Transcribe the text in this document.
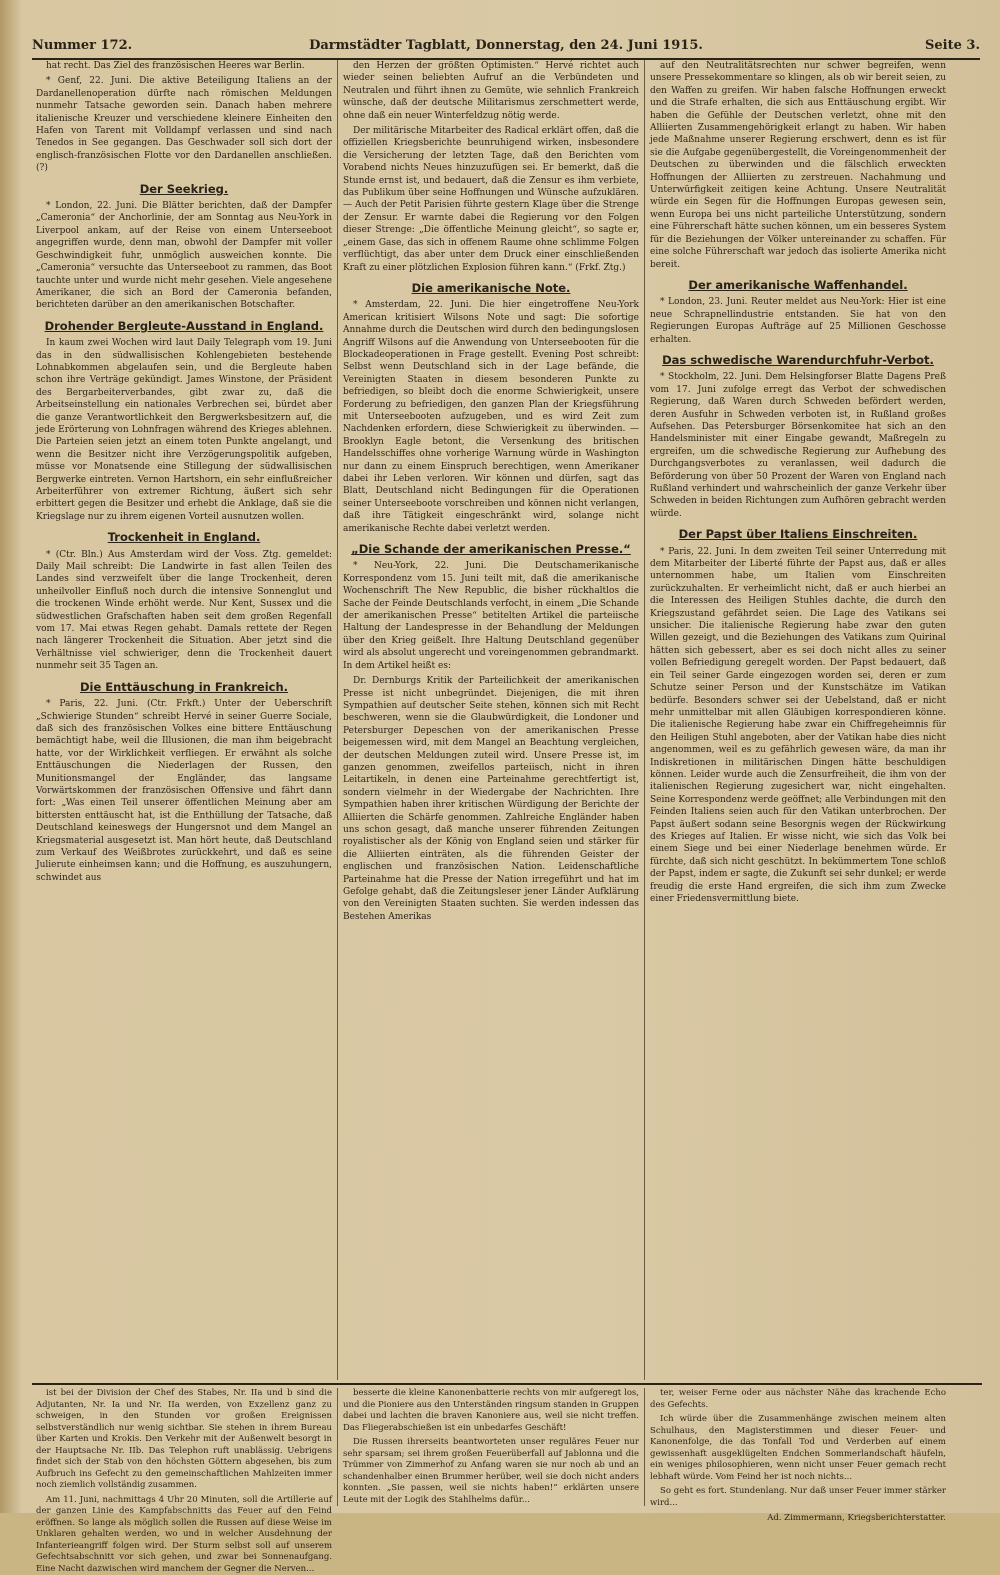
Nummer 172.	Darmstädter Tagblatt, Donnerstag, den 24. Juni 1915.	Seite 3.

hat recht. Das Ziel des französischen Heeres war Berlin.

* Genf, 22. Juni. Die aktive Beteiligung Italiens an der Dardanellenoperation dürfte nach römischen Meldungen nunmehr Tatsache geworden sein. Danach haben mehrere italienische Kreuzer und verschiedene kleinere Einheiten den Hafen von Tarent mit Volldampf verlassen und sind nach Tenedos in See gegangen. Das Geschwader soll sich dort der englisch-französischen Flotte vor den Dardanellen anschließen. (?)

Der Seekrieg.

* London, 22. Juni. Die Blätter berichten, daß der Dampfer „Cameronia“ der Anchorlinie, der am Sonntag aus Neu-York in Liverpool ankam, auf der Reise von einem Unterseeboot angegriffen wurde, denn man, obwohl der Dampfer mit voller Geschwindigkeit fuhr, unmöglich ausweichen konnte. Die „Cameronia“ versuchte das Unterseeboot zu rammen, das Boot tauchte unter und wurde nicht mehr gesehen. Viele angesehene Amerikaner, die sich an Bord der Cameronia befanden, berichteten darüber an den amerikanischen Botschafter.

Drohender Bergleute-Ausstand in England.

In kaum zwei Wochen wird laut Daily Telegraph vom 19. Juni das in den südwallisischen Kohlengebieten bestehende Lohnabkommen abgelaufen sein, und die Bergleute haben schon ihre Verträge gekündigt. James Winstone, der Präsident des Bergarbeiterverbandes, gibt zwar zu, daß die Arbeitseinstellung ein nationales Verbrechen sei, bürdet aber die ganze Verantwortlichkeit den Bergwerksbesitzern auf, die jede Erörterung von Lohnfragen während des Krieges ablehnen. Die Parteien seien jetzt an einem toten Punkte angelangt, und wenn die Besitzer nicht ihre Verzögerungspolitik aufgeben, müsse vor Monatsende eine Stillegung der südwallisischen Bergwerke eintreten. Vernon Hartshorn, ein sehr einflußreicher Arbeiterführer von extremer Richtung, äußert sich sehr erbittert gegen die Besitzer und erhebt die Anklage, daß sie die Kriegslage nur zu ihrem eigenen Vorteil ausnutzen wollen.

Trockenheit in England.

* (Ctr. Bln.) Aus Amsterdam wird der Voss. Ztg. gemeldet: Daily Mail schreibt: Die Landwirte in fast allen Teilen des Landes sind verzweifelt über die lange Trockenheit, deren unheilvoller Einfluß noch durch die intensive Sonnenglut und die trockenen Winde erhöht werde. Nur Kent, Sussex und die südwestlichen Grafschaften haben seit dem großen Regenfall vom 17. Mai etwas Regen gehabt. Damals rettete der Regen nach längerer Trockenheit die Situation. Aber jetzt sind die Verhältnisse viel schwieriger, denn die Trockenheit dauert nunmehr seit 35 Tagen an.

Die Enttäuschung in Frankreich.

* Paris, 22. Juni. (Ctr. Frkft.) Unter der Ueberschrift „Schwierige Stunden“ schreibt Hervé in seiner Guerre Sociale, daß sich des französischen Volkes eine bittere Enttäuschung bemächtigt habe, weil die Illusionen, die man ihm beigebracht hatte, vor der Wirklichkeit verfliegen. Er erwähnt als solche Enttäuschungen die Niederlagen der Russen, den Munitionsmangel der Engländer, das langsame Vorwärtskommen der französischen Offensive und fährt dann fort: „Was einen Teil unserer öffentlichen Meinung aber am bittersten enttäuscht hat, ist die Enthüllung der Tatsache, daß Deutschland keineswegs der Hungersnot und dem Mangel an Kriegsmaterial ausgesetzt ist. Man hört heute, daß Deutschland zum Verkauf des Weißbrotes zurückkehrt, und daß es seine Julierute einheimsen kann; und die Hoffnung, es auszuhungern, schwindet aus

den Herzen der größten Optimisten.“ Hervé richtet auch wieder seinen beliebten Aufruf an die Verbündeten und Neutralen und führt ihnen zu Gemüte, wie sehnlich Frankreich wünsche, daß der deutsche Militarismus zerschmettert werde, ohne daß ein neuer Winterfeldzug nötig werde.

Der militärische Mitarbeiter des Radical erklärt offen, daß die offiziellen Kriegsberichte beunruhigend wirken, insbesondere die Versicherung der letzten Tage, daß den Berichten vom Vorabend nichts Neues hinzuzufügen sei. Er bemerkt, daß die Stunde ernst ist, und bedauert, daß die Zensur es ihm verbiete, das Publikum über seine Hoffnungen und Wünsche aufzuklären. — Auch der Petit Parisien führte gestern Klage über die Strenge der Zensur. Er warnte dabei die Regierung vor den Folgen dieser Strenge: „Die öffentliche Meinung gleicht“, so sagte er, „einem Gase, das sich in offenem Raume ohne schlimme Folgen verflüchtigt, das aber unter dem Druck einer einschließenden Kraft zu einer plötzlichen Explosion führen kann.“ (Frkf. Ztg.)

Die amerikanische Note.

* Amsterdam, 22. Juni. Die hier eingetroffene Neu-York American kritisiert Wilsons Note und sagt: Die sofortige Annahme durch die Deutschen wird durch den bedingungslosen Angriff Wilsons auf die Anwendung von Unterseebooten für die Blockadeoperationen in Frage gestellt. Evening Post schreibt: Selbst wenn Deutschland sich in der Lage befände, die Vereinigten Staaten in diesem besonderen Punkte zu befriedigen, so bleibt doch die enorme Schwierigkeit, unsere Forderung zu befriedigen, den ganzen Plan der Kriegsführung mit Unterseebooten aufzugeben, und es wird Zeit zum Nachdenken erfordern, diese Schwierigkeit zu überwinden. — Brooklyn Eagle betont, die Versenkung des britischen Handelsschiffes ohne vorherige Warnung würde in Washington nur dann zu einem Einspruch berechtigen, wenn Amerikaner dabei ihr Leben verloren. Wir können und dürfen, sagt das Blatt, Deutschland nicht Bedingungen für die Operationen seiner Unterseeboote vorschreiben und können nicht verlangen, daß ihre Tätigkeit eingeschränkt wird, solange nicht amerikanische Rechte dabei verletzt werden.

„Die Schande der amerikanischen Presse.“

* Neu-York, 22. Juni. Die Deutschamerikanische Korrespondenz vom 15. Juni teilt mit, daß die amerikanische Wochenschrift The New Republic, die bisher rückhaltlos die Sache der Feinde Deutschlands verfocht, in einem „Die Schande der amerikanischen Presse“ betitelten Artikel die parteiische Haltung der Landespresse in der Behandlung der Meldungen über den Krieg geißelt. Ihre Haltung Deutschland gegenüber wird als absolut ungerecht und voreingenommen gebrandmarkt. In dem Artikel heißt es:

Dr. Dernburgs Kritik der Parteilichkeit der amerikanischen Presse ist nicht unbegründet. Diejenigen, die mit ihren Sympathien auf deutscher Seite stehen, können sich mit Recht beschweren, wenn sie die Glaubwürdigkeit, die Londoner und Petersburger Depeschen von der amerikanischen Presse beigemessen wird, mit dem Mangel an Beachtung vergleichen, der deutschen Meldungen zuteil wird. Unsere Presse ist, im ganzen genommen, zweifellos parteiisch, nicht in ihren Leitartikeln, in denen eine Parteinahme gerechtfertigt ist, sondern vielmehr in der Wiedergabe der Nachrichten. Ihre Sympathien haben ihrer kritischen Würdigung der Berichte der Alliierten die Schärfe genommen. Zahlreiche Engländer haben uns schon gesagt, daß manche unserer führenden Zeitungen royalistischer als der König von England seien und stärker für die Alliierten einträten, als die führenden Geister der englischen und französischen Nation. Leidenschaftliche Parteinahme hat die Presse der Nation irregeführt und hat im Gefolge gehabt, daß die Zeitungsleser jener Länder Aufklärung von den Vereinigten Staaten suchten. Sie werden indessen das Bestehen Amerikas

auf den Neutralitätsrechten nur schwer begreifen, wenn unsere Pressekommentare so klingen, als ob wir bereit seien, zu den Waffen zu greifen. Wir haben falsche Hoffnungen erweckt und die Strafe erhalten, die sich aus Enttäuschung ergibt. Wir haben die Gefühle der Deutschen verletzt, ohne mit den Alliierten Zusammengehörigkeit erlangt zu haben. Wir haben jede Maßnahme unserer Regierung erschwert, denn es ist für sie die Aufgabe gegenübergestellt, die Voreingenommenheit der Deutschen zu überwinden und die fälschlich erweckten Hoffnungen der Alliierten zu zerstreuen. Nachahmung und Unterwürfigkeit zeitigen keine Achtung. Unsere Neutralität würde ein Segen für die Hoffnungen Europas gewesen sein, wenn Europa bei uns nicht parteiliche Unterstützung, sondern eine Führerschaft hätte suchen können, um ein besseres System für die Beziehungen der Völker untereinander zu schaffen. Für eine solche Führerschaft war jedoch das isolierte Amerika nicht bereit.

Der amerikanische Waffenhandel.

* London, 23. Juni. Reuter meldet aus Neu-York: Hier ist eine neue Schrapnellindustrie entstanden. Sie hat von den Regierungen Europas Aufträge auf 25 Millionen Geschosse erhalten.

Das schwedische Warendurchfuhr-Verbot.

* Stockholm, 22. Juni. Dem Helsingforser Blatte Dagens Preß vom 17. Juni zufolge erregt das Verbot der schwedischen Regierung, daß Waren durch Schweden befördert werden, deren Ausfuhr in Schweden verboten ist, in Rußland großes Aufsehen. Das Petersburger Börsenkomitee hat sich an den Handelsminister mit einer Eingabe gewandt, Maßregeln zu ergreifen, um die schwedische Regierung zur Aufhebung des Durchgangsverbotes zu veranlassen, weil dadurch die Beförderung von über 50 Prozent der Waren von England nach Rußland verhindert und wahrscheinlich der ganze Verkehr über Schweden in beiden Richtungen zum Aufhören gebracht werden würde.

Der Papst über Italiens Einschreiten.

* Paris, 22. Juni. In dem zweiten Teil seiner Unterredung mit dem Mitarbeiter der Liberté führte der Papst aus, daß er alles unternommen habe, um Italien vom Einschreiten zurückzuhalten. Er verheimlicht nicht, daß er auch hierbei an die Interessen des Heiligen Stuhles dachte, die durch den Kriegszustand gefährdet seien. Die Lage des Vatikans sei unsicher. Die italienische Regierung habe zwar den guten Willen gezeigt, und die Beziehungen des Vatikans zum Quirinal hätten sich gebessert, aber es sei doch nicht alles zu seiner vollen Befriedigung geregelt worden. Der Papst bedauert, daß ein Teil seiner Garde eingezogen worden sei, deren er zum Schutze seiner Person und der Kunstschätze im Vatikan bedürfe. Besonders schwer sei der Uebelstand, daß er nicht mehr unmittelbar mit allen Gläubigen korrespondieren könne. Die italienische Regierung habe zwar ein Chiffregeheimnis für den Heiligen Stuhl angeboten, aber der Vatikan habe dies nicht angenommen, weil es zu gefährlich gewesen wäre, da man ihr Indiskretionen in militärischen Dingen hätte beschuldigen können. Leider wurde auch die Zensurfreiheit, die ihm von der italienischen Regierung zugesichert war, nicht eingehalten. Seine Korrespondenz werde geöffnet; alle Verbindungen mit den Feinden Italiens seien auch für den Vatikan unterbrochen. Der Papst äußert sodann seine Besorgnis wegen der Rückwirkung des Krieges auf Italien. Er wisse nicht, wie sich das Volk bei einem Siege und bei einer Niederlage benehmen würde. Er fürchte, daß sich nicht geschützt. In bekümmertem Tone schloß der Papst, indem er sagte, die Zukunft sei sehr dunkel; er werde freudig die erste Hand ergreifen, die sich ihm zum Zwecke einer Friedensvermittlung biete.

ist bei der Division der Chef des Stabes, Nr. IIa und b sind die Adjutanten, Nr. Ia und Nr. IIa werden, von Exzellenz ganz zu schweigen, in den Stunden vor großen Ereignissen selbstverständlich nur wenig sichtbar. Sie stehen in ihrem Bureau über Karten und Krokis. Den Verkehr mit der Außenwelt besorgt in der Hauptsache Nr. IIb. Das Telephon ruft unablässig. Uebrigens findet sich der Stab von den höchsten Göttern abgesehen, bis zum Aufbruch ins Gefecht zu den gemeinschaftlichen Mahlzeiten immer noch ziemlich vollständig zusammen.

Am 11. Juni, nachmittags 4 Uhr 20 Minuten, soll die Artillerie auf der ganzen Linie des Kampfabschnitts das Feuer auf den Feind eröffnen. So lange als möglich sollen die Russen auf diese Weise im Unklaren gehalten werden, wo und in welcher Ausdehnung der Infanterieangriff folgen wird. Der Sturm selbst soll auf unserem Gefechtsabschnitt vor sich gehen, und zwar bei Sonnenaufgang. Eine Nacht dazwischen wird manchem der Gegner die Nerven...

besserte die kleine Kanonenbatterie rechts von mir aufgeregt los, und die Pioniere aus den Unterständen ringsum standen in Gruppen dabei und lachten die braven Kanoniere aus, weil sie nicht treffen. Das Fliegerabschießen ist ein unbedarfes Geschäft!

Die Russen ihrerseits beantworteten unser reguläres Feuer nur sehr sparsam; sei ihrem großen Feuerüberfall auf Jablonna und die Trümmer von Zimmerhof zu Anfang waren sie nur noch ab und an schandenhalber einen Brummer herüber, weil sie doch nicht anders konnten. „Sie passen, weil sie nichts haben!“ erklärten unsere Leute mit der Logik des Stahlhelms dafür...

ter, weiser Ferne oder aus nächster Nähe das krachende Echo des Gefechts.

Ich würde über die Zusammenhänge zwischen meinem alten Schulhaus, den Magisterstimmen und dieser Feuer- und Kanonenfolge, die das Tonfall Tod und Verderben auf einem gewissenhaft ausgeklügelten Endchen Sommerlandschaft häufeln, ein weniges philosophieren, wenn nicht unser Feuer gemach recht lebhaft würde. Vom Feind her ist noch nichts...

So geht es fort. Stundenlang. Nur daß unser Feuer immer stärker wird...

Ad. Zimmermann, Kriegsberichterstatter.
